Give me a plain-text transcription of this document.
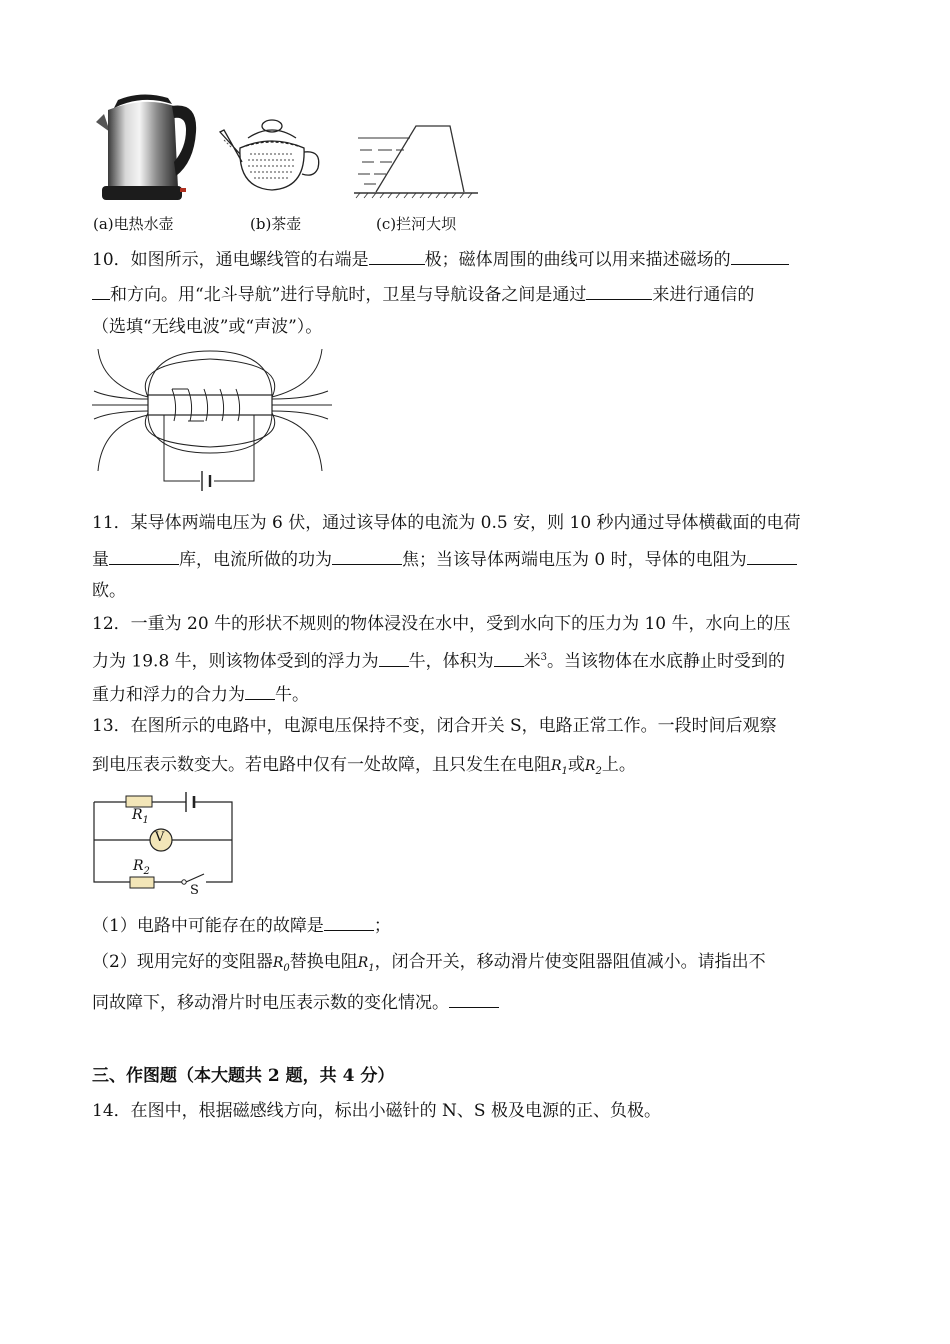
(a)电热水壶	(b)茶壶	(c)拦河大坝
10．如图所示，通电螺线管的右端是	极；磁体周围的曲线可以用来描述磁场的
和方向。用“北斗导航”进行导航时，卫星与导航设备之间是通过	来进行通信的
（选填“无线电波”或“声波”）。
11．某导体两端电压为 6 伏，通过该导体的电流为 0.5 安，则 10 秒内通过导体横截面的电荷
量	库，电流所做的功为	焦；当该导体两端电压为 0 时，导体的电阻为
欧。
12．一重为 20 牛的形状不规则的物体浸没在水中，受到水向下的压力为 10 牛，水向上的压
力为 19.8 牛，则该物体受到的浮力为 牛，体积为 米$^3$。当该物体在水底静止时受到的
重力和浮力的合力为 牛。
13．在图所示的电路中，电源电压保持不变，闭合开关 S，电路正常工作。一段时间后观察
到电压表示数变大。若电路中仅有一处故障，且只发生在电阻$R_1$或$R_2$上。
$R_1$
V
$R_2$
S
（1）电路中可能存在的故障是	；
（2）现用完好的变阻器$R_0$替换电阻$R_1$，闭合开关，移动滑片使变阻器阻值减小。请指出不
同故障下，移动滑片时电压表示数的变化情况。
三、作图题（本大题共 2 题，共 4 分）
14．在图中，根据磁感线方向，标出小磁针的 N、S 极及电源的正、负极。
